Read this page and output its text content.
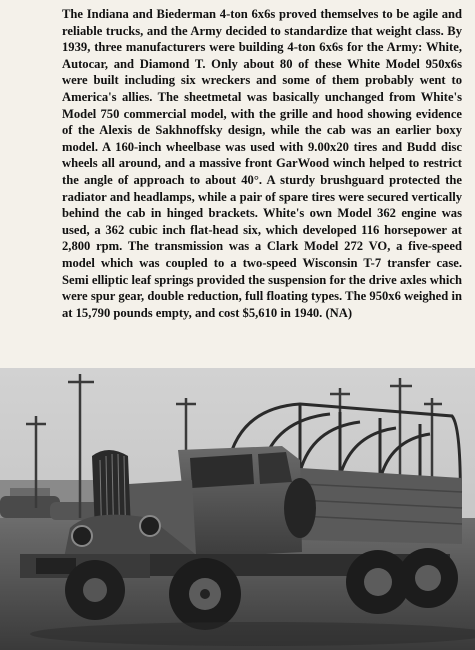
The Indiana and Biederman 4-ton 6x6s proved themselves to be agile and reliable trucks, and the Army decided to standardize that weight class. By 1939, three manufacturers were building 4-ton 6x6s for the Army: White, Autocar, and Diamond T. Only about 80 of these White Model 950x6s were built including six wreckers and some of them probably went to America's allies. The sheetmetal was basically unchanged from White's Model 750 commercial model, with the grille and hood showing evidence of the Alexis de Sakhnoffsky design, while the cab was an earlier boxy model. A 160-inch wheelbase was used with 9.00x20 tires and Budd disc wheels all around, and a massive front GarWood winch helped to restrict the angle of approach to about 40°. A sturdy brushguard protected the radiator and headlamps, while a pair of spare tires were secured vertically behind the cab in hinged brackets. White's own Model 362 engine was used, a 362 cubic inch flat-head six, which developed 116 horsepower at 2,800 rpm. The transmission was a Clark Model 272 VO, a five-speed model which was coupled to a two-speed Wisconsin T-7 transfer case. Semi elliptic leaf springs provided the suspension for the drive axles which were spur gear, double reduction, full floating types. The 950x6 weighed in at 15,790 pounds empty, and cost $5,610 in 1940. (NA)
